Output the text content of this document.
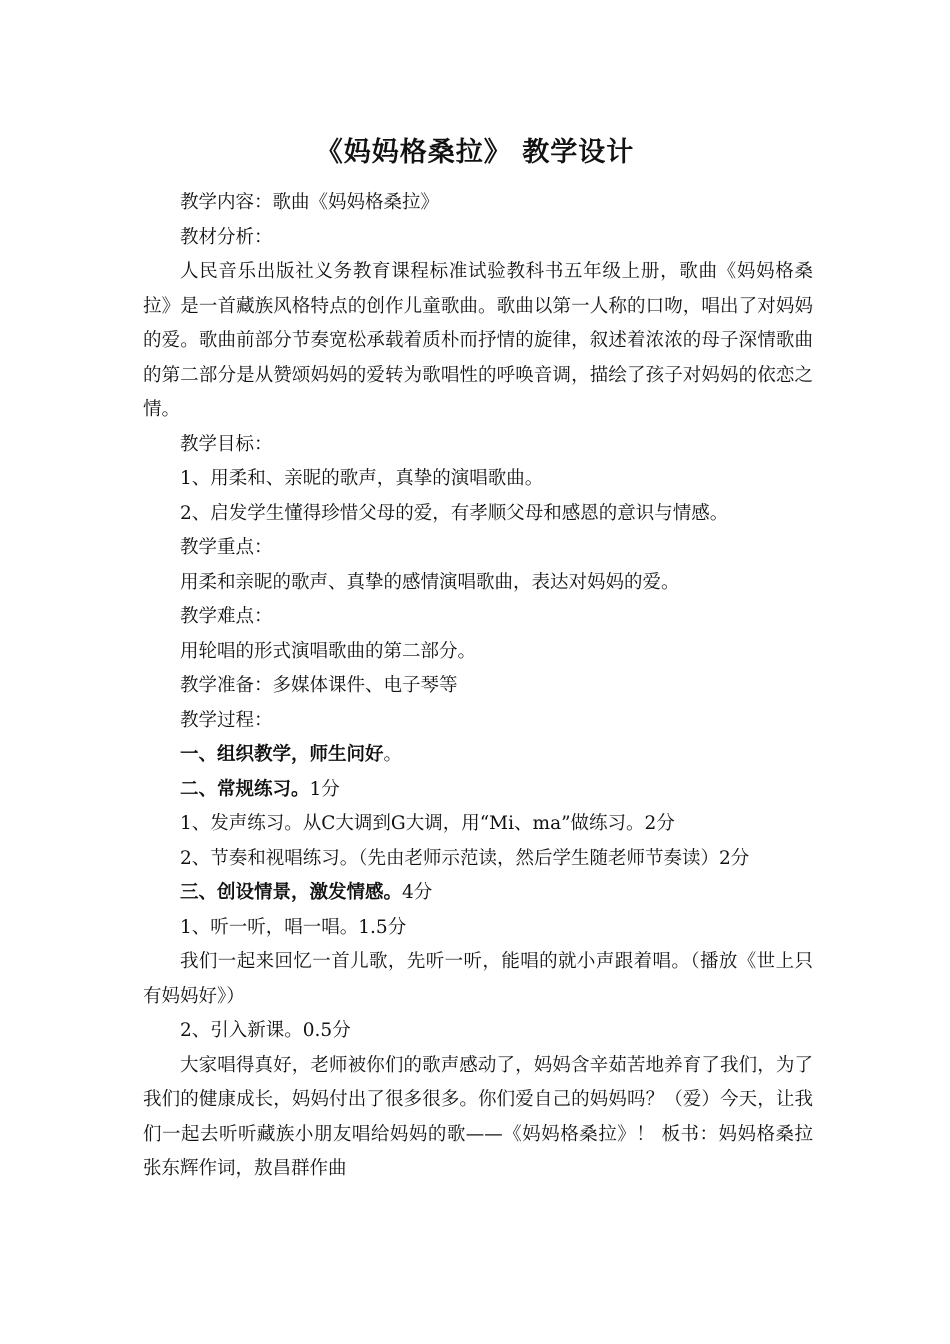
《妈妈格桑拉》 教学设计

教学内容：歌曲《妈妈格桑拉》

教材分析：

人民音乐出版社义务教育课程标准试验教科书五年级上册，歌曲《妈妈格桑拉》是一首藏族风格特点的创作儿童歌曲。歌曲以第一人称的口吻，唱出了对妈妈的爱。歌曲前部分节奏宽松承载着质朴而抒情的旋律，叙述着浓浓的母子深情歌曲的第二部分是从赞颂妈妈的爱转为歌唱性的呼唤音调，描绘了孩子对妈妈的依恋之情。

教学目标：

1、用柔和、亲昵的歌声，真挚的演唱歌曲。

2、启发学生懂得珍惜父母的爱，有孝顺父母和感恩的意识与情感。

教学重点：

用柔和亲昵的歌声、真挚的感情演唱歌曲，表达对妈妈的爱。

教学难点：

用轮唱的形式演唱歌曲的第二部分。

教学准备：多媒体课件、电子琴等

教学过程：

一、组织教学，师生问好。

二、常规练习。1分

1、发声练习。从C大调到G大调，用“Mi、ma”做练习。2分

2、节奏和视唱练习。（先由老师示范读，然后学生随老师节奏读）2分

三、创设情景，激发情感。4分

1、听一听，唱一唱。1.5分

我们一起来回忆一首儿歌，先听一听，能唱的就小声跟着唱。（播放《世上只有妈妈好》）

2、引入新课。0.5分

大家唱得真好，老师被你们的歌声感动了，妈妈含辛茹苦地养育了我们，为了我们的健康成长，妈妈付出了很多很多。你们爱自己的妈妈吗？（爱）今天，让我们一起去听听藏族小朋友唱给妈妈的歌——《妈妈格桑拉》！ 板书：妈妈格桑拉 张东辉作词，敖昌群作曲
